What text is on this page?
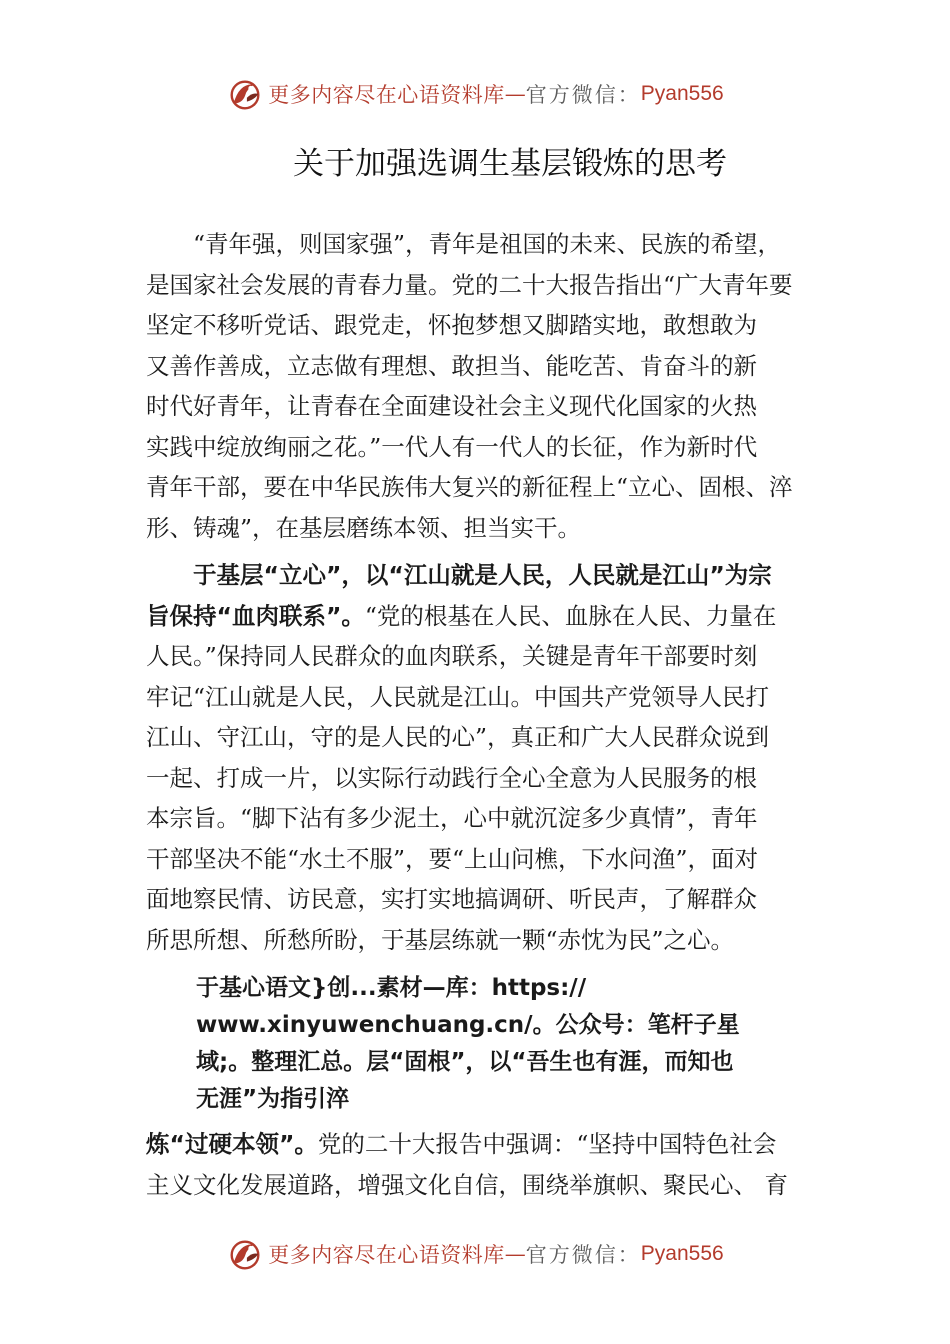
更多内容尽在心语资料库 — 官方微信： Pyan556
关于加强选调生基层锻炼的思考
“青年强，则国家强”，青年是祖国的未来、民族的希望，
是国家社会发展的青春力量。党的二十大报告指出“广大青年要
坚定不移听党话、跟党走，怀抱梦想又脚踏实地，敢想敢为
又善作善成，立志做有理想、敢担当、能吃苦、肯奋斗的新
时代好青年，让青春在全面建设社会主义现代化国家的火热
实践中绽放绚丽之花。”一代人有一代人的长征，作为新时代
青年干部，要在中华民族伟大复兴的新征程上“立心、固根、淬
形、铸魂”，在基层磨练本领、担当实干。
于基层“立心”，以“江山就是人民，人民就是江山”为宗
旨保持“血肉联系”。“党的根基在人民、血脉在人民、力量在
人民。”保持同人民群众的血肉联系，关键是青年干部要时刻
牢记“江山就是人民，人民就是江山。中国共产党领导人民打
江山、守江山，守的是人民的心”，真正和广大人民群众说到
一起、打成一片，以实际行动践行全心全意为人民服务的根
本宗旨。“脚下沾有多少泥土，心中就沉淀多少真情”，青年
干部坚决不能“水土不服”，要“上山问樵，下水问渔”，面对
面地察民情、访民意，实打实地搞调研、听民声，了解群众
所思所想、所愁所盼，于基层练就一颗“赤忱为民”之心。
于基心语文}创...素材—库：https://
www.xinyuwenchuang.cn/。公众号：笔杆子星
域;。整理汇总。层“固根”，以“吾生也有涯，而知也
无涯”为指引淬
炼“过硬本领”。党的二十大报告中强调：“坚持中国特色社会
主义文化发展道路，增强文化自信，围绕举旗帜、聚民心、 育
更多内容尽在心语资料库 — 官方微信： Pyan556
